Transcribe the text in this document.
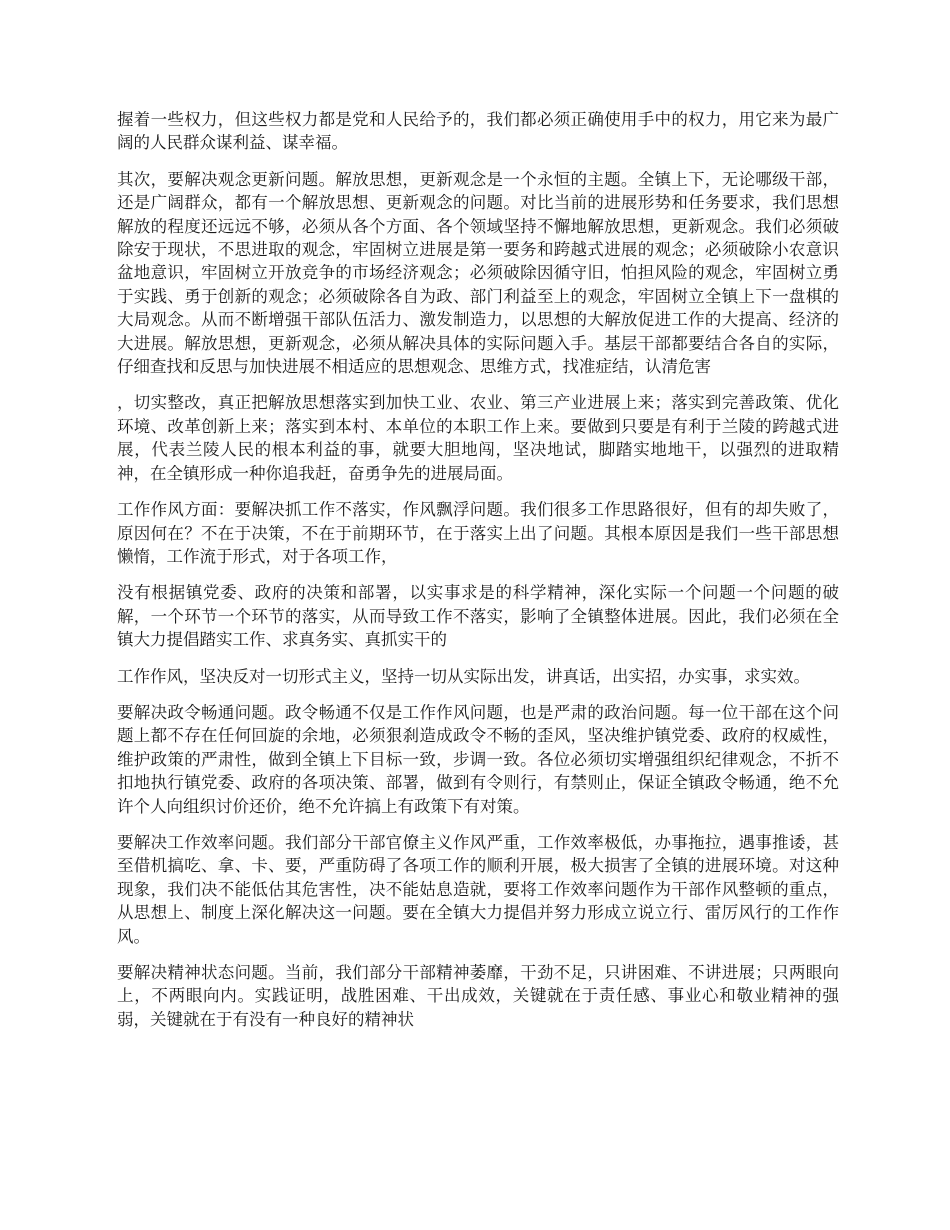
握着一些权力，但这些权力都是党和人民给予的，我们都必须正确使用手中的权力，用它来为最广阔的人民群众谋利益、谋幸福。

其次，要解决观念更新问题。解放思想，更新观念是一个永恒的主题。全镇上下，无论哪级干部，还是广阔群众，都有一个解放思想、更新观念的问题。对比当前的进展形势和任务要求，我们思想解放的程度还远远不够，必须从各个方面、各个领域坚持不懈地解放思想，更新观念。我们必须破除安于现状，不思进取的观念，牢固树立进展是第一要务和跨越式进展的观念；必须破除小农意识盆地意识，牢固树立开放竞争的市场经济观念；必须破除因循守旧，怕担风险的观念，牢固树立勇于实践、勇于创新的观念；必须破除各自为政、部门利益至上的观念，牢固树立全镇上下一盘棋的大局观念。从而不断增强干部队伍活力、激发制造力，以思想的大解放促进工作的大提高、经济的大进展。解放思想，更新观念，必须从解决具体的实际问题入手。基层干部都要结合各自的实际，仔细查找和反思与加快进展不相适应的思想观念、思维方式，找准症结，认清危害

，切实整改，真正把解放思想落实到加快工业、农业、第三产业进展上来；落实到完善政策、优化环境、改革创新上来；落实到本村、本单位的本职工作上来。要做到只要是有利于兰陵的跨越式进展，代表兰陵人民的根本利益的事，就要大胆地闯，坚决地试，脚踏实地地干，以强烈的进取精神，在全镇形成一种你追我赶，奋勇争先的进展局面。

工作作风方面：要解决抓工作不落实，作风飘浮问题。我们很多工作思路很好，但有的却失败了，原因何在？不在于决策，不在于前期环节，在于落实上出了问题。其根本原因是我们一些干部思想懒惰，工作流于形式，对于各项工作，

没有根据镇党委、政府的决策和部署，以实事求是的科学精神，深化实际一个问题一个问题的破解，一个环节一个环节的落实，从而导致工作不落实，影响了全镇整体进展。因此，我们必须在全镇大力提倡踏实工作、求真务实、真抓实干的

工作作风，坚决反对一切形式主义，坚持一切从实际出发，讲真话，出实招，办实事，求实效。

要解决政令畅通问题。政令畅通不仅是工作作风问题，也是严肃的政治问题。每一位干部在这个问题上都不存在任何回旋的余地，必须狠刹造成政令不畅的歪风，坚决维护镇党委、政府的权威性，维护政策的严肃性，做到全镇上下目标一致，步调一致。各位必须切实增强组织纪律观念，不折不扣地执行镇党委、政府的各项决策、部署，做到有令则行，有禁则止，保证全镇政令畅通，绝不允许个人向组织讨价还价，绝不允许搞上有政策下有对策。

要解决工作效率问题。我们部分干部官僚主义作风严重，工作效率极低，办事拖拉，遇事推诿，甚至借机搞吃、拿、卡、要，严重防碍了各项工作的顺利开展，极大损害了全镇的进展环境。对这种现象，我们决不能低估其危害性，决不能姑息造就，要将工作效率问题作为干部作风整顿的重点，从思想上、制度上深化解决这一问题。要在全镇大力提倡并努力形成立说立行、雷厉风行的工作作风。

要解决精神状态问题。当前，我们部分干部精神萎靡，干劲不足，只讲困难、不讲进展；只两眼向上，不两眼向内。实践证明，战胜困难、干出成效，关键就在于责任感、事业心和敬业精神的强弱，关键就在于有没有一种良好的精神状
